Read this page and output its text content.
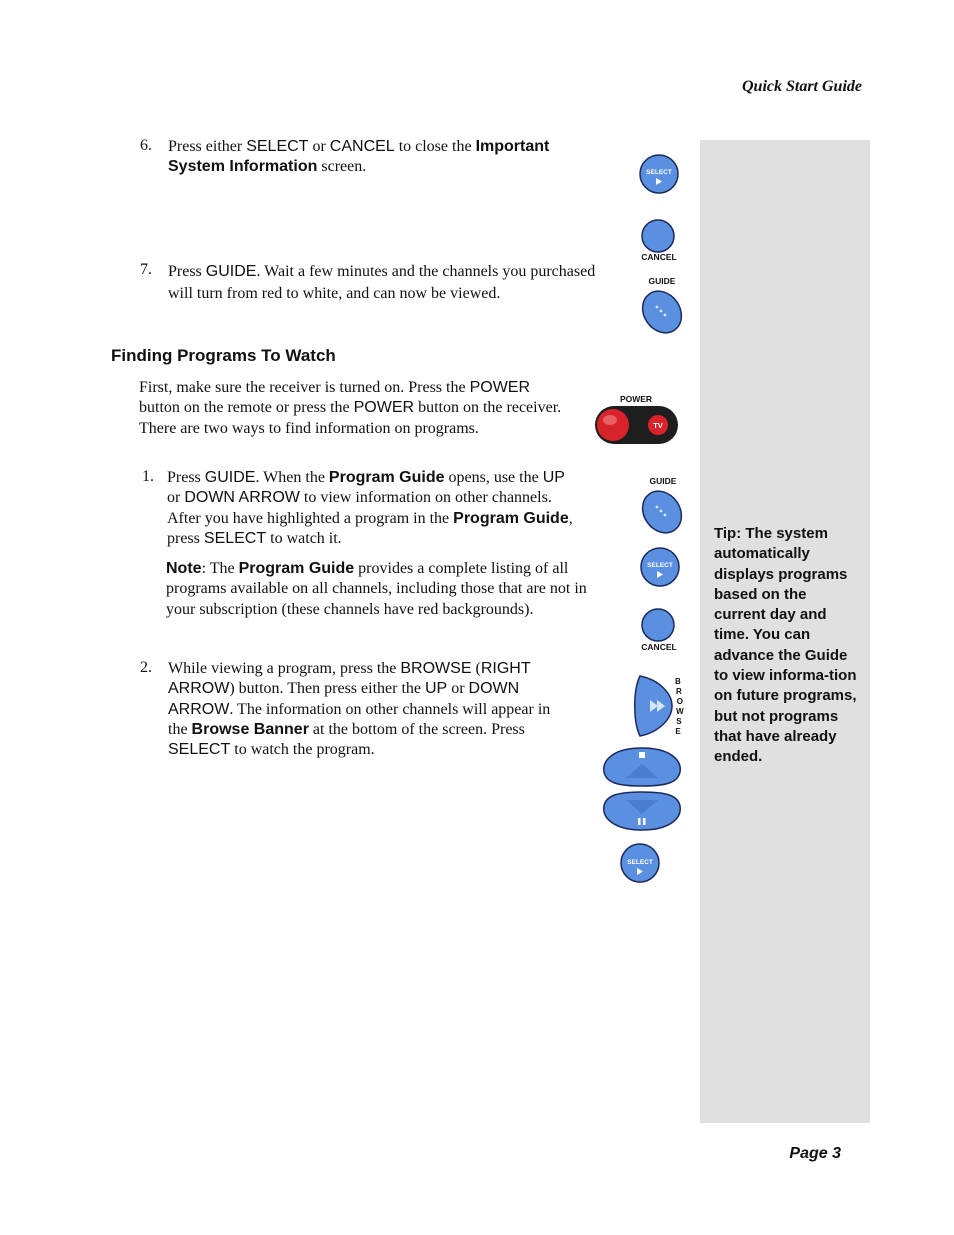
Quick Start Guide
Tip: The system automatically displays programs based on the current day and time. You can advance the Guide to view informa-tion on future programs, but not programs that have already ended.
6. Press either SELECT or CANCEL to close the Important System Information screen.
7. Press GUIDE. Wait a few minutes and the channels you purchased will turn from red to white, and can now be viewed.
Finding Programs To Watch
First, make sure the receiver is turned on. Press the POWER button on the remote or press the POWER button on the receiver. There are two ways to find information on programs.
1. Press GUIDE. When the Program Guide opens, use the UP or DOWN ARROW to view information on other channels. After you have highlighted a program in the Program Guide, press SELECT to watch it.
Note: The Program Guide provides a complete listing of all programs available on all channels, including those that are not in your subscription (these channels have red backgrounds).
2. While viewing a program, press the BROWSE (RIGHT ARROW) button. Then press either the UP or DOWN ARROW. The information on other channels will appear in the Browse Banner at the bottom of the screen. Press SELECT to watch the program.
Page 3
SELECT
CANCEL
GUIDE
POWER
TV
GUIDE
SELECT
CANCEL
B R O W S E
SELECT
